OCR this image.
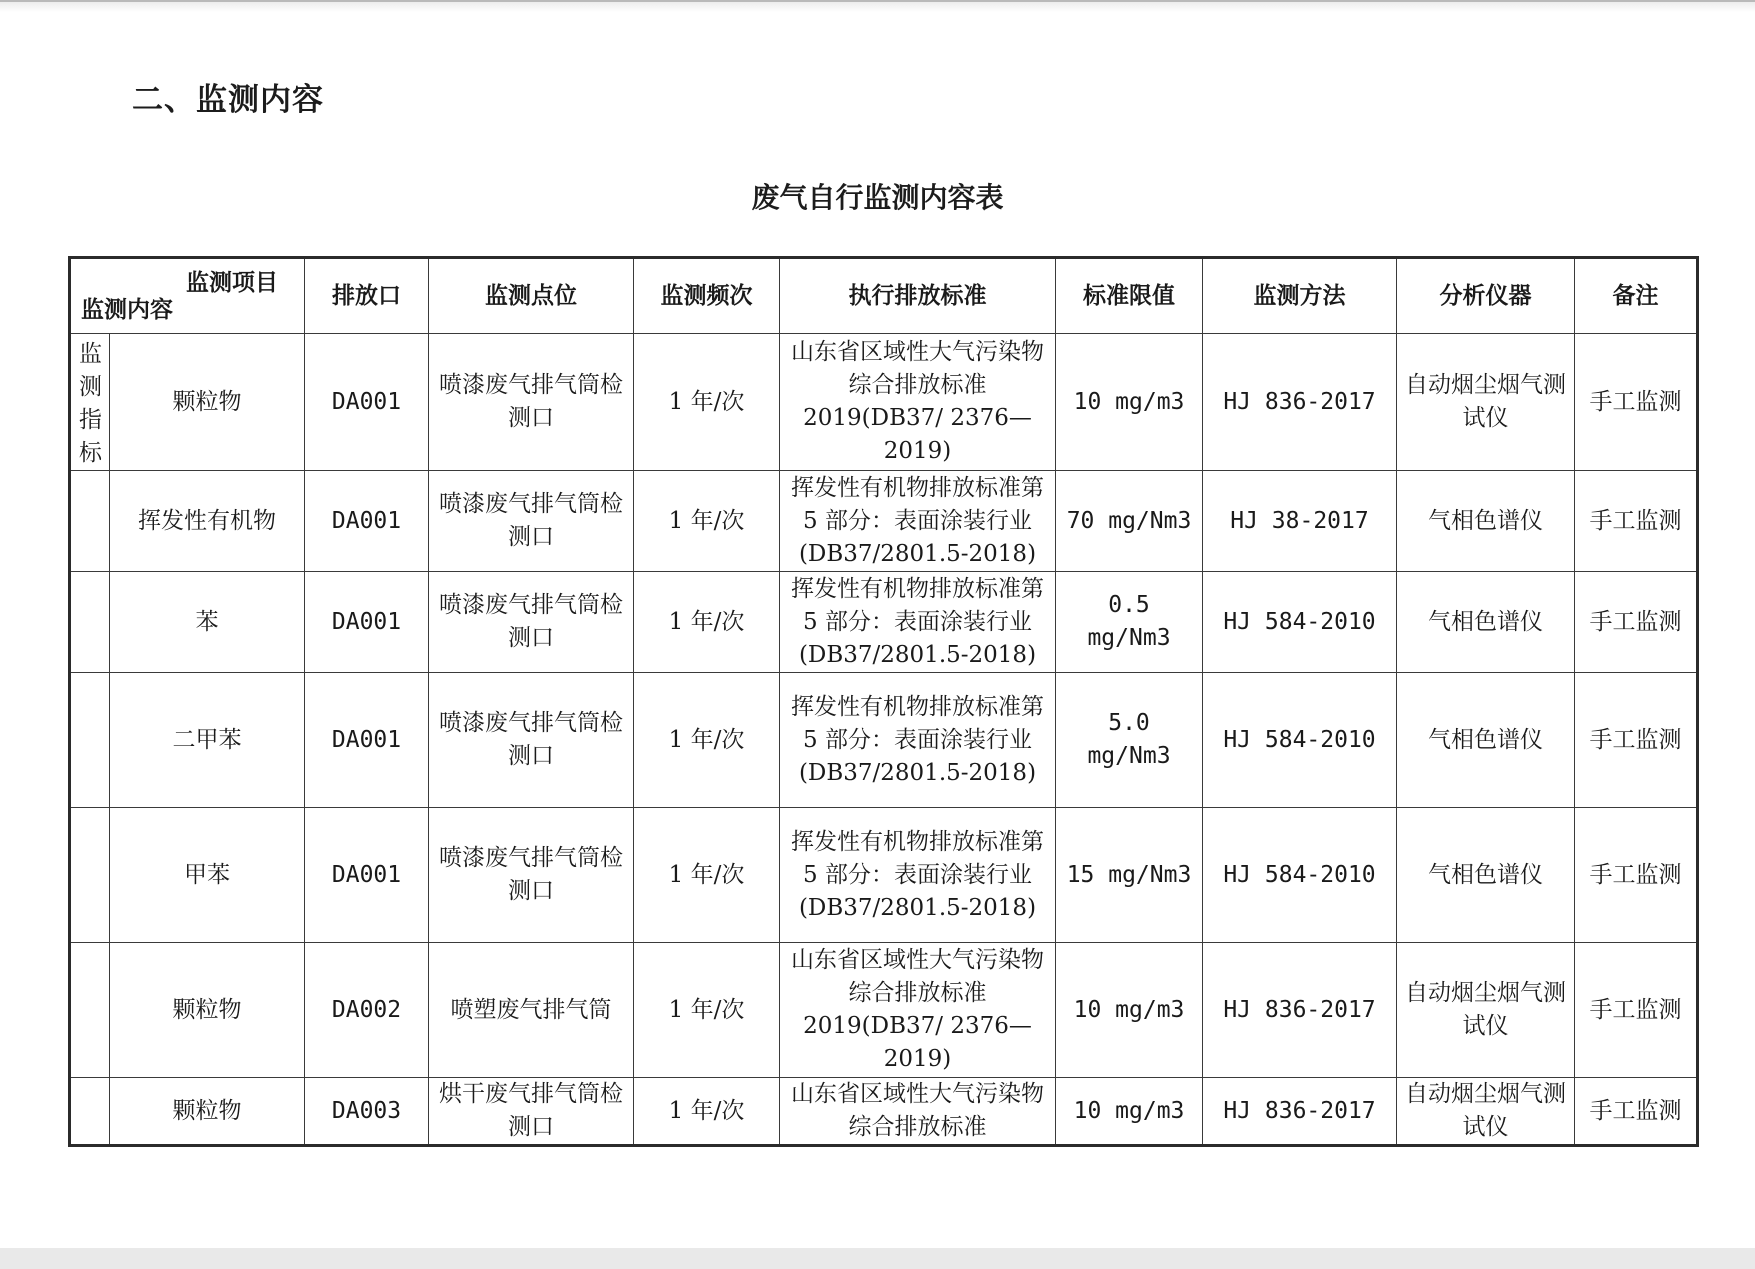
二、监测内容
废气自行监测内容表
监测项目
监测内容		排放口	监测点位	监测频次	执行排放标准	标准限值	监测方法	分析仪器	备注

监测指标	颗粒物	DA001	喷漆废气排气筒检测口	1 年/次	山东省区域性大气污染物综合排放标准2019(DB37/ 2376—2019)	10 mg/m3	HJ 836-2017	自动烟尘烟气测试仪	手工监测
	挥发性有机物	DA001	喷漆废气排气筒检测口	1 年/次	挥发性有机物排放标准第 5 部分：表面涂装行业(DB37/2801.5-2018)	70 mg/Nm3	HJ 38-2017	气相色谱仪	手工监测
	苯	DA001	喷漆废气排气筒检测口	1 年/次	挥发性有机物排放标准第 5 部分：表面涂装行业(DB37/2801.5-2018)	0.5 mg/Nm3	HJ 584-2010	气相色谱仪	手工监测
	二甲苯	DA001	喷漆废气排气筒检测口	1 年/次	挥发性有机物排放标准第 5 部分：表面涂装行业(DB37/2801.5-2018)	5.0 mg/Nm3	HJ 584-2010	气相色谱仪	手工监测
	甲苯	DA001	喷漆废气排气筒检测口	1 年/次	挥发性有机物排放标准第 5 部分：表面涂装行业(DB37/2801.5-2018)	15 mg/Nm3	HJ 584-2010	气相色谱仪	手工监测
	颗粒物	DA002	喷塑废气排气筒	1 年/次	山东省区域性大气污染物综合排放标准2019(DB37/ 2376—2019)	10 mg/m3	HJ 836-2017	自动烟尘烟气测试仪	手工监测
	颗粒物	DA003	烘干废气排气筒检测口	1 年/次	山东省区域性大气污染物综合排放标准	10 mg/m3	HJ 836-2017	自动烟尘烟气测试仪	手工监测
